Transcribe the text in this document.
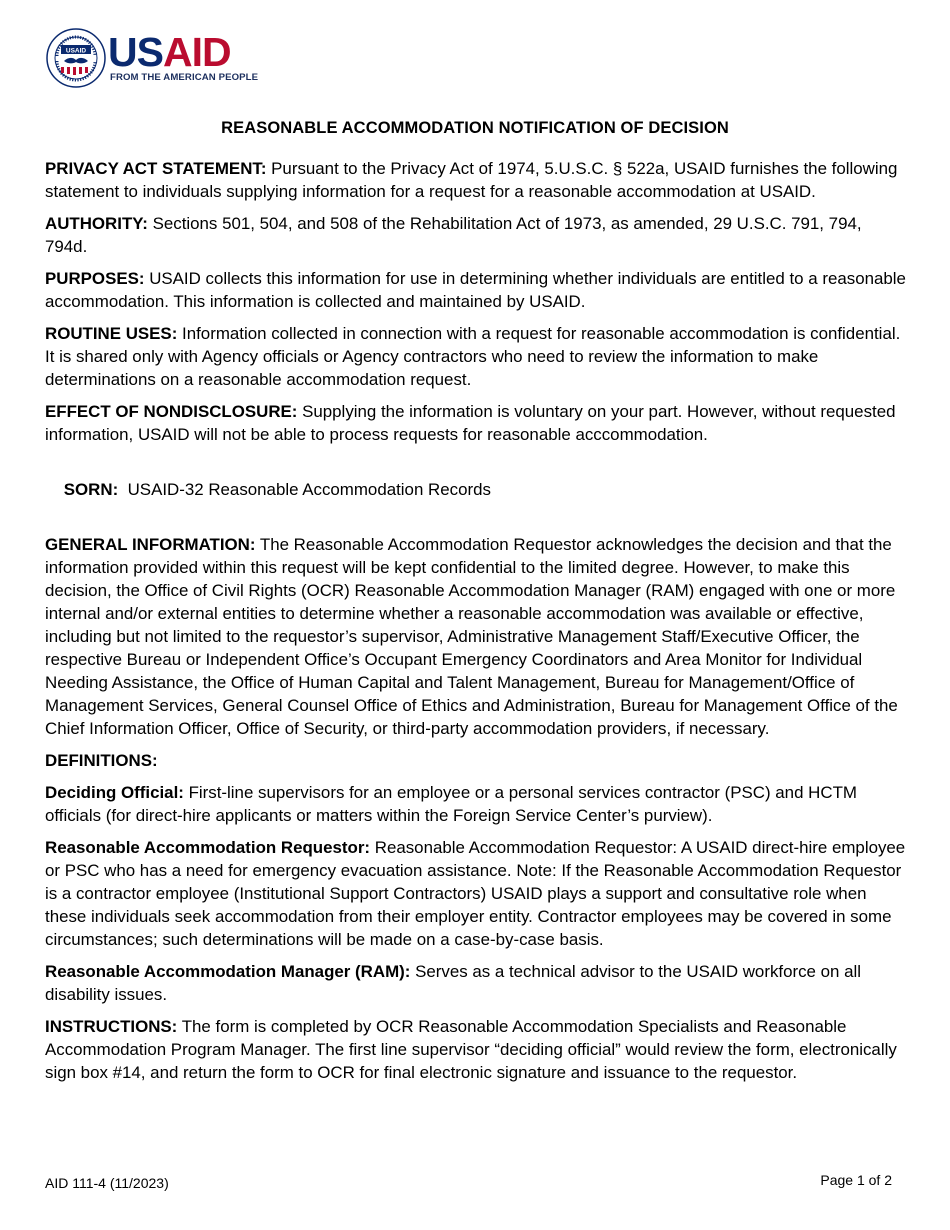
USAID USAID
FROM THE AMERICAN PEOPLE
REASONABLE ACCOMMODATION NOTIFICATION OF DECISION

PRIVACY ACT STATEMENT: Pursuant to the Privacy Act of 1974, 5.U.S.C. § 522a, USAID furnishes the following statement to individuals supplying information for a request for a reasonable accommodation at USAID.

AUTHORITY: Sections 501, 504, and 508 of the Rehabilitation Act of 1973, as amended, 29 U.S.C. 791, 794, 794d.

PURPOSES: USAID collects this information for use in determining whether individuals are entitled to a reasonable accommodation. This information is collected and maintained by USAID.

ROUTINE USES: Information collected in connection with a request for reasonable accommodation is confidential. It is shared only with Agency officials or Agency contractors who need to review the information to make determinations on a reasonable accommodation request.

EFFECT OF NONDISCLOSURE: Supplying the information is voluntary on your part. However, without requested information, USAID will not be able to process requests for reasonable acccommodation.

SORN:  USAID-32 Reasonable Accommodation Records

GENERAL INFORMATION: The Reasonable Accommodation Requestor acknowledges the decision and that the information provided within this request will be kept confidential to the limited degree. However, to make this decision, the Office of Civil Rights (OCR) Reasonable Accommodation Manager (RAM) engaged with one or more internal and/or external entities to determine whether a reasonable accommodation was available or effective, including but not limited to the requestor’s supervisor, Administrative Management Staff/Executive Officer, the respective Bureau or Independent Office’s Occupant Emergency Coordinators and Area Monitor for Individual Needing Assistance, the Office of Human Capital and Talent Management, Bureau for Management/Office of Management Services, General Counsel Office of Ethics and Administration, Bureau for Management Office of the Chief Information Officer, Office of Security, or third-party accommodation providers, if necessary.

DEFINITIONS:

Deciding Official: First-line supervisors for an employee or a personal services contractor (PSC) and HCTM officials (for direct-hire applicants or matters within the Foreign Service Center’s purview).

Reasonable Accommodation Requestor: Reasonable Accommodation Requestor: A USAID direct-hire employee or PSC who has a need for emergency evacuation assistance. Note: If the Reasonable Accommodation Requestor is a contractor employee (Institutional Support Contractors) USAID plays a support and consultative role when these individuals seek accommodation from their employer entity. Contractor employees may be covered in some circumstances; such determinations will be made on a case-by-case basis.

Reasonable Accommodation Manager (RAM): Serves as a technical advisor to the USAID workforce on all disability issues.

INSTRUCTIONS: The form is completed by OCR Reasonable Accommodation Specialists and Reasonable Accommodation Program Manager. The first line supervisor “deciding official” would review the form, electronically sign box #14, and return the form to OCR for final electronic signature and issuance to the requestor.

AID 111-4 (11/2023)	Page 1 of 2
